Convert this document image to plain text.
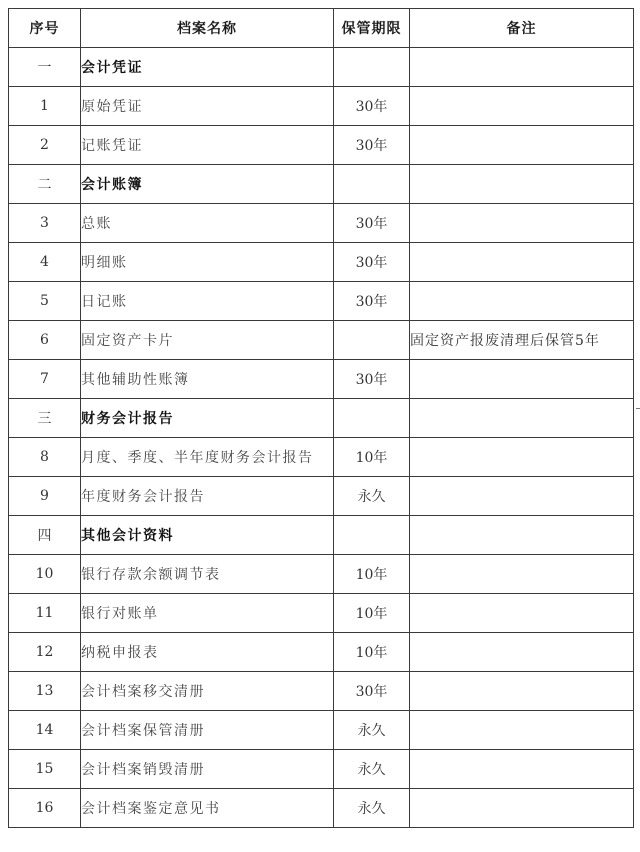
序号	档案名称	保管期限	备注
一	会计凭证		
1	原始凭证	30年	
2	记账凭证	30年	
二	会计账簿		
3	总账	30年	
4	明细账	30年	
5	日记账	30年	
6	固定资产卡片		固定资产报废清理后保管5年
7	其他辅助性账簿	30年	
三	财务会计报告		
8	月度、季度、半年度财务会计报告	10年	
9	年度财务会计报告	永久	
四	其他会计资料		
10	银行存款余额调节表	10年	
11	银行对账单	10年	
12	纳税申报表	10年	
13	会计档案移交清册	30年	
14	会计档案保管清册	永久	
15	会计档案销毁清册	永久	
16	会计档案鉴定意见书	永久	
